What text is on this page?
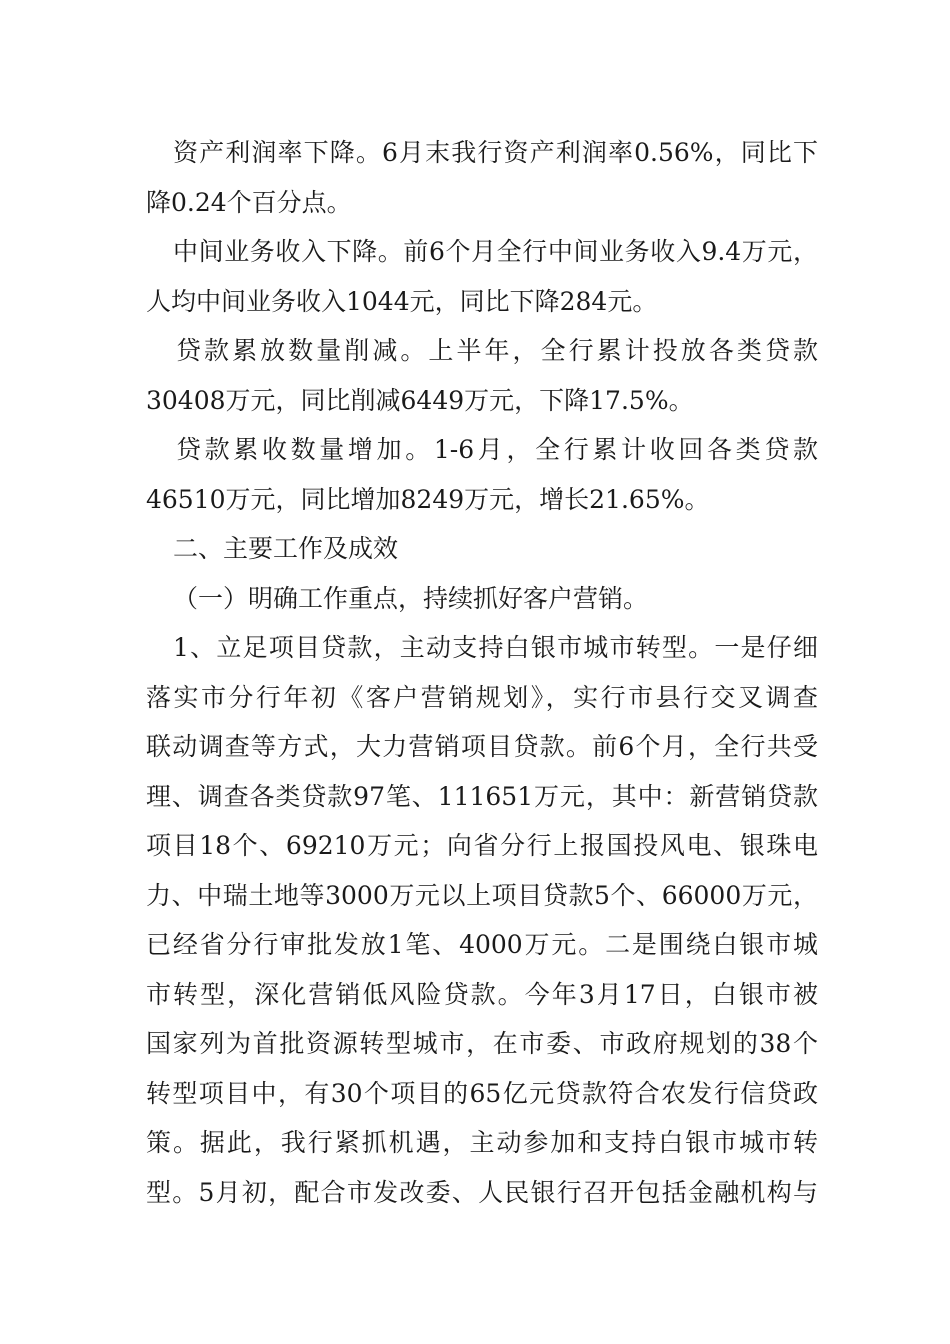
资产利润率下降。6月末我行资产利润率0.56%，同比下
降0.24个百分点。
中间业务收入下降。前6个月全行中间业务收入9.4万元，
人均中间业务收入1044元，同比下降284元。
贷款累放数量削减。上半年，全行累计投放各类贷款
30408万元，同比削减6449万元，下降17.5%。
贷款累收数量增加。1-6月，全行累计收回各类贷款
46510万元，同比增加8249万元，增长21.65%。
二、主要工作及成效
（一）明确工作重点，持续抓好客户营销。
1、立足项目贷款，主动支持白银市城市转型。一是仔细
落实市分行年初《客户营销规划》，实行市县行交叉调查
联动调查等方式，大力营销项目贷款。前6个月，全行共受
理、调查各类贷款97笔、111651万元，其中：新营销贷款
项目18个、69210万元；向省分行上报国投风电、银珠电
力、中瑞土地等3000万元以上项目贷款5个、66000万元，
已经省分行审批发放1笔、4000万元。二是围绕白银市城
市转型，深化营销低风险贷款。今年3月17日，白银市被
国家列为首批资源转型城市，在市委、市政府规划的38个
转型项目中，有30个项目的65亿元贷款符合农发行信贷政
策。据此，我行紧抓机遇，主动参加和支持白银市城市转
型。5月初，配合市发改委、人民银行召开包括金融机构与
